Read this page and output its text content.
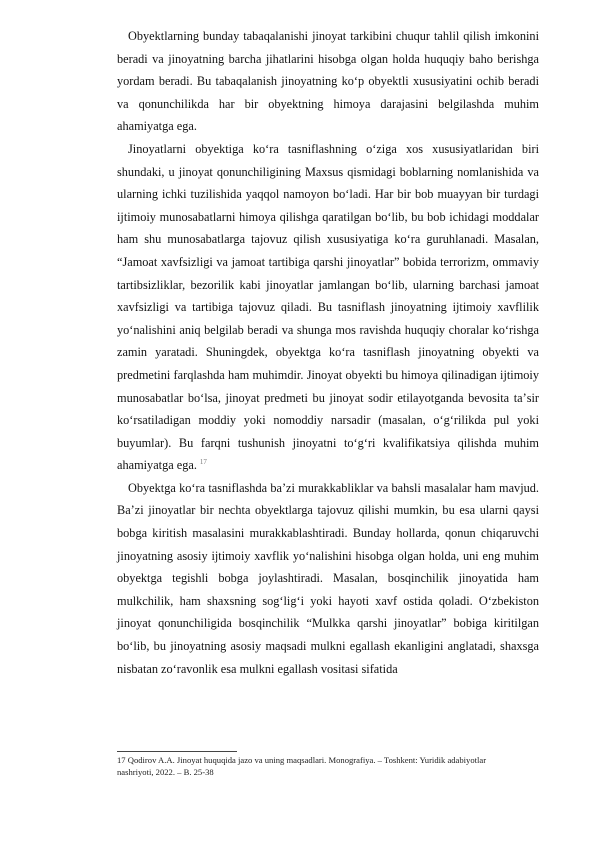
Obyektlarning bunday tabaqalanishi jinoyat tarkibini chuqur tahlil qilish imkonini beradi va jinoyatning barcha jihatlarini hisobga olgan holda huquqiy baho berishga yordam beradi. Bu tabaqalanish jinoyatning koʻp obyektli xususiyatini ochib beradi va qonunchilikda har bir obyektning himoya darajasini belgilashda muhim ahamiyatga ega.

Jinoyatlarni obyektiga koʻra tasniflashning oʻziga xos xususiyatlaridan biri shundaki, u jinoyat qonunchiligining Maxsus qismidagi boblarning nomlanishida va ularning ichki tuzilishida yaqqol namoyon boʻladi. Har bir bob muayyan bir turdagi ijtimoiy munosabatlarni himoya qilishga qaratilgan boʻlib, bu bob ichidagi moddalar ham shu munosabatlarga tajovuz qilish xususiyatiga koʻra guruhlanadi. Masalan, “Jamoat xavfsizligi va jamoat tartibiga qarshi jinoyatlar” bobida terrorizm, ommaviy tartibsizliklar, bezorilik kabi jinoyatlar jamlangan boʻlib, ularning barchasi jamoat xavfsizligi va tartibiga tajovuz qiladi. Bu tasniflash jinoyatning ijtimoiy xavflilik yoʻnalishini aniq belgilab beradi va shunga mos ravishda huquqiy choralar koʻrishga zamin yaratadi. Shuningdek, obyektga koʻra tasniflash jinoyatning obyekti va predmetini farqlashda ham muhimdir. Jinoyat obyekti bu himoya qilinadigan ijtimoiy munosabatlar boʻlsa, jinoyat predmeti bu jinoyat sodir etilayotganda bevosita taʼsir koʻrsatiladigan moddiy yoki nomoddiy narsadir (masalan, oʻgʻrilikda pul yoki buyumlar). Bu farqni tushunish jinoyatni toʻgʻri kvalifikatsiya qilishda muhim ahamiyatga ega. $^{17}$

Obyektga koʻra tasniflashda baʼzi murakkabliklar va bahsli masalalar ham mavjud. Baʼzi jinoyatlar bir nechta obyektlarga tajovuz qilishi mumkin, bu esa ularni qaysi bobga kiritish masalasini murakkablashtiradi. Bunday hollarda, qonun chiqaruvchi jinoyatning asosiy ijtimoiy xavflik yoʻnalishini hisobga olgan holda, uni eng muhim obyektga tegishli bobga joylashtiradi. Masalan, bosqinchilik jinoyatida ham mulkchilik, ham shaxsning sogʻligʻi yoki hayoti xavf ostida qoladi. Oʻzbekiston jinoyat qonunchiligida bosqinchilik “Mulkka qarshi jinoyatlar” bobiga kiritilgan boʻlib, bu jinoyatning asosiy maqsadi mulkni egallash ekanligini anglatadi, shaxsga nisbatan zoʻravonlik esa mulkni egallash vositasi sifatida

17 Qodirov A.A. Jinoyat huquqida jazo va uning maqsadlari. Monografiya. – Toshkent: Yuridik adabiyotlar nashriyoti, 2022. – B. 25-38
